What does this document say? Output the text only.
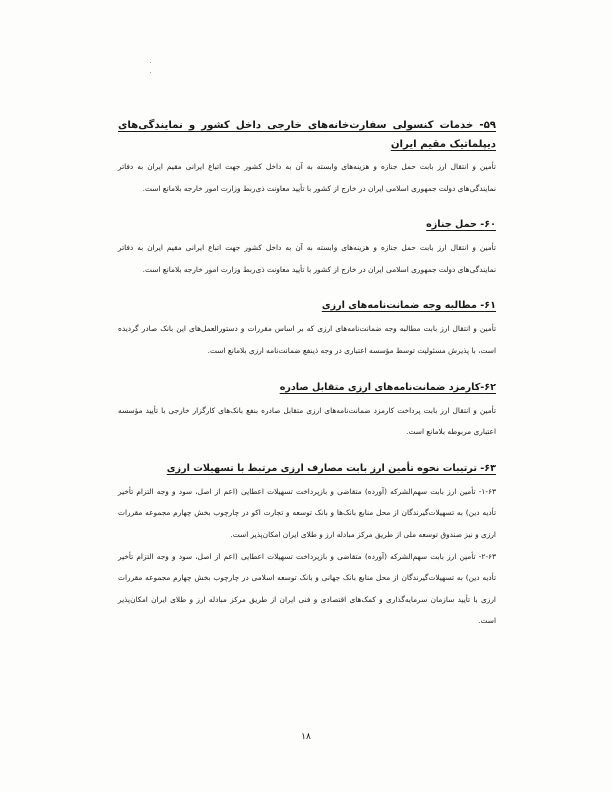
۵۹- خدمات کنسولی سفارت‌خانه‌های خارجی داخل کشور و نمایندگی‌های دیپلماتیک مقیم ایران

تأمین و انتقال ارز بابت حمل جنازه و هزینه‌های وابسته به آن به داخل کشور جهت اتباع ایرانی مقیم ایران به دفاتر نمایندگی‌های دولت جمهوری اسلامی ایران در خارج از کشور با تأیید معاونت ذی‌ربط وزارت امور خارجه بلامانع است.

۶۰- حمل جنازه

تأمین و انتقال ارز بابت حمل جنازه و هزینه‌های وابسته به آن به داخل کشور جهت اتباع ایرانی مقیم ایران به دفاتر نمایندگی‌های دولت جمهوری اسلامی ایران در خارج از کشور با تأیید معاونت ذی‌ربط وزارت امور خارجه بلامانع است.

۶۱- مطالبه وجه ضمانت‌نامه‌های ارزی

تأمین و انتقال ارز بابت مطالبه وجه ضمانت‌نامه‌های ارزی که بر اساس مقررات و دستورالعمل‌های این بانک صادر گردیده است، با پذیرش مسئولیت توسط مؤسسه اعتباری در وجه ذینفع ضمانت‌نامه ارزی بلامانع است.

۶۲-کارمزد ضمانت‌نامه‌های ارزی متقابل صادره

تأمین و انتقال ارز بابت پرداخت کارمزد ضمانت‌نامه‌های ارزی متقابل صادره بنفع بانک‌های کارگزار خارجی با تأیید مؤسسه اعتباری مربوطه بلامانع است.

۶۳- ترتیبات نحوه تأمین ارز بابت مصارف ارزی مرتبط با تسهیلات ارزی

۱-۶۳- تأمین ارز بابت سهم‌الشرکه (آورده) متقاضی و بازپرداخت تسهیلات اعطایی (اعم از اصل، سود و وجه التزام تأخیر تأدیه دین) به تسهیلات‌گیرندگان از محل منابع بانک‌ها و بانک توسعه و تجارت اکو در چارچوب بخش چهارم مجموعه مقررات ارزی و نیز صندوق توسعه ملی از طریق مرکز مبادله ارز و طلای ایران امکان‌پذیر است.

۲-۶۳- تأمین ارز بابت سهم‌الشرکه (آورده) متقاضی و بازپرداخت تسهیلات اعطایی (اعم از اصل، سود و وجه التزام تأخیر تأدیه دین) به تسهیلات‌گیرندگان از محل منابع بانک جهانی و بانک توسعه اسلامی در چارچوب بخش چهارم مجموعه مقررات ارزی با تأیید سازمان سرمایه‌گذاری و کمک‌های اقتصادی و فنی ایران از طریق مرکز مبادله ارز و طلای ایران امکان‌پذیر است.

۱۸
